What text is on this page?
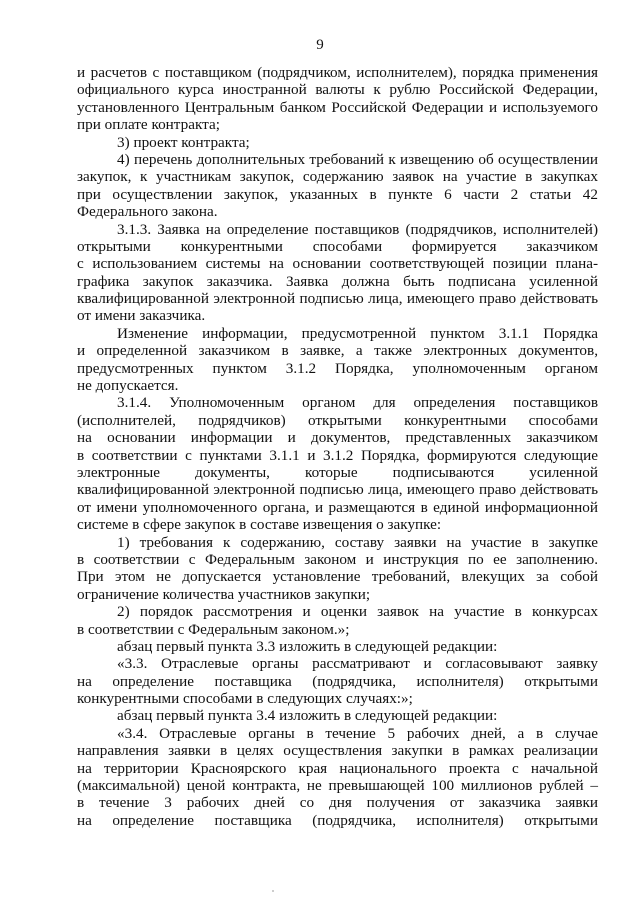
9
и расчетов с поставщиком (подрядчиком, исполнителем), порядка применения
официального курса иностранной валюты к рублю Российской Федерации,
установленного Центральным банком Российской Федерации и используемого
при оплате контракта;
3) проект контракта;
4) перечень дополнительных требований к извещению об осуществлении
закупок, к участникам закупок, содержанию заявок на участие в закупках
при осуществлении закупок, указанных в пункте 6 части 2 статьи 42
Федерального закона.
3.1.3. Заявка на определение поставщиков (подрядчиков, исполнителей)
открытыми конкурентными способами формируется заказчиком
с использованием системы на основании соответствующей позиции плана-
графика закупок заказчика. Заявка должна быть подписана усиленной
квалифицированной электронной подписью лица, имеющего право действовать
от имени заказчика.
Изменение информации, предусмотренной пунктом 3.1.1 Порядка
и определенной заказчиком в заявке, а также электронных документов,
предусмотренных пунктом 3.1.2 Порядка, уполномоченным органом
не допускается.
3.1.4. Уполномоченным органом для определения поставщиков
(исполнителей, подрядчиков) открытыми конкурентными способами
на основании информации и документов, представленных заказчиком
в соответствии с пунктами 3.1.1 и 3.1.2 Порядка, формируются следующие
электронные документы, которые подписываются усиленной
квалифицированной электронной подписью лица, имеющего право действовать
от имени уполномоченного органа, и размещаются в единой информационной
системе в сфере закупок в составе извещения о закупке:
1) требования к содержанию, составу заявки на участие в закупке
в соответствии с Федеральным законом и инструкция по ее заполнению.
При этом не допускается установление требований, влекущих за собой
ограничение количества участников закупки;
2) порядок рассмотрения и оценки заявок на участие в конкурсах
в соответствии с Федеральным законом.»;
абзац первый пункта 3.3 изложить в следующей редакции:
«3.3. Отраслевые органы рассматривают и согласовывают заявку
на определение поставщика (подрядчика, исполнителя) открытыми
конкурентными способами в следующих случаях:»;
абзац первый пункта 3.4 изложить в следующей редакции:
«3.4. Отраслевые органы в течение 5 рабочих дней, а в случае
направления заявки в целях осуществления закупки в рамках реализации
на территории Красноярского края национального проекта с начальной
(максимальной) ценой контракта, не превышающей 100 миллионов рублей –
в течение 3 рабочих дней со дня получения от заказчика заявки
на определение поставщика (подрядчика, исполнителя) открытыми
